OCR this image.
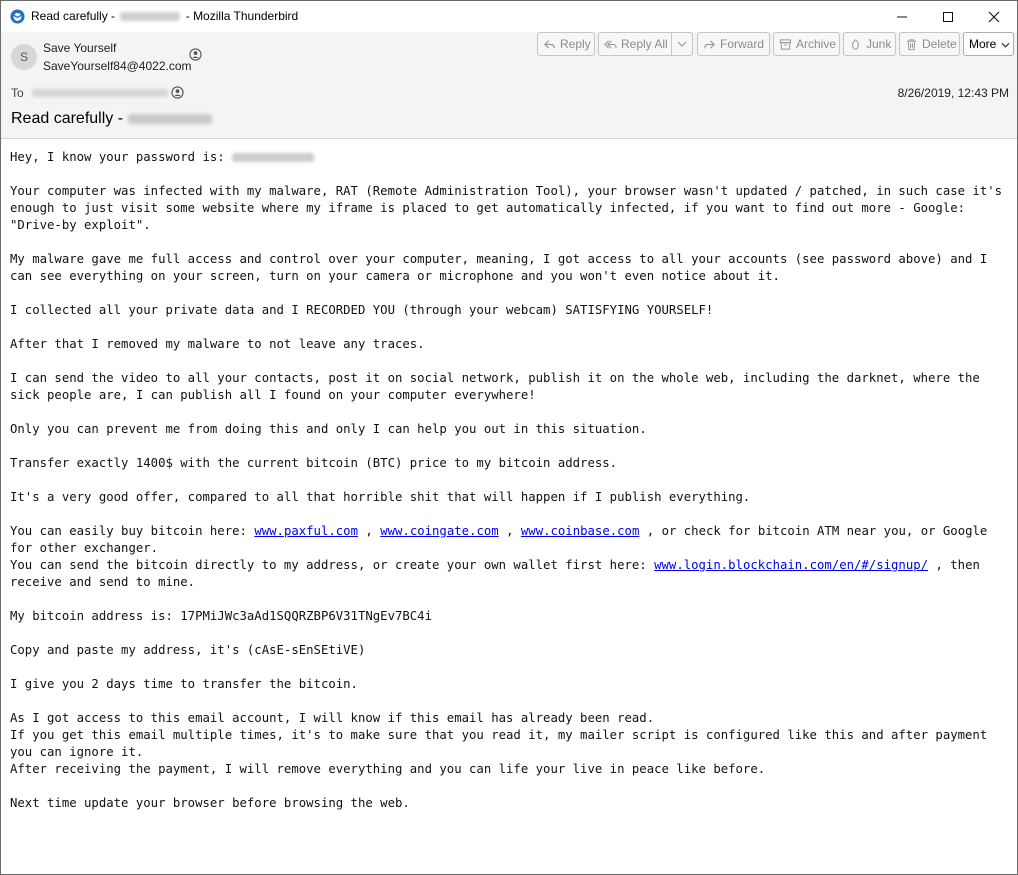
Read carefully -	- Mozilla Thunderbird
S
Save Yourself
SaveYourself84@4022.com
Reply	Reply All	Forward	Archive Junk	Delete More
To	8/26/2019, 12:43 PM
Read carefully -

Hey, I know your password is:

Your computer was infected with my malware, RAT (Remote Administration Tool), your browser wasn't updated / patched, in such case it's enough to just visit some website where my iframe is placed to get automatically infected, if you want to find out more - Google: "Drive-by exploit".

My malware gave me full access and control over your computer, meaning, I got access to all your accounts (see password above) and I can see everything on your screen, turn on your camera or microphone and you won't even notice about it.

I collected all your private data and I RECORDED YOU (through your webcam) SATISFYING YOURSELF!

After that I removed my malware to not leave any traces.

I can send the video to all your contacts, post it on social network, publish it on the whole web, including the darknet, where the sick people are, I can publish all I found on your computer everywhere!

Only you can prevent me from doing this and only I can help you out in this situation.

Transfer exactly 1400$ with the current bitcoin (BTC) price to my bitcoin address.

It's a very good offer, compared to all that horrible shit that will happen if I publish everything.

You can easily buy bitcoin here: www.paxful.com , www.coingate.com , www.coinbase.com , or check for bitcoin ATM near you, or Google for other exchanger.
You can send the bitcoin directly to my address, or create your own wallet first here: www.login.blockchain.com/en/#/signup/ , then receive and send to mine.

My bitcoin address is: 17PMiJWc3aAd1SQQRZBP6V31TNgEv7BC4i

Copy and paste my address, it's (cAsE-sEnSEtiVE)

I give you 2 days time to transfer the bitcoin.

As I got access to this email account, I will know if this email has already been read.
If you get this email multiple times, it's to make sure that you read it, my mailer script is configured like this and after payment you can ignore it.
After receiving the payment, I will remove everything and you can life your live in peace like before.

Next time update your browser before browsing the web.
